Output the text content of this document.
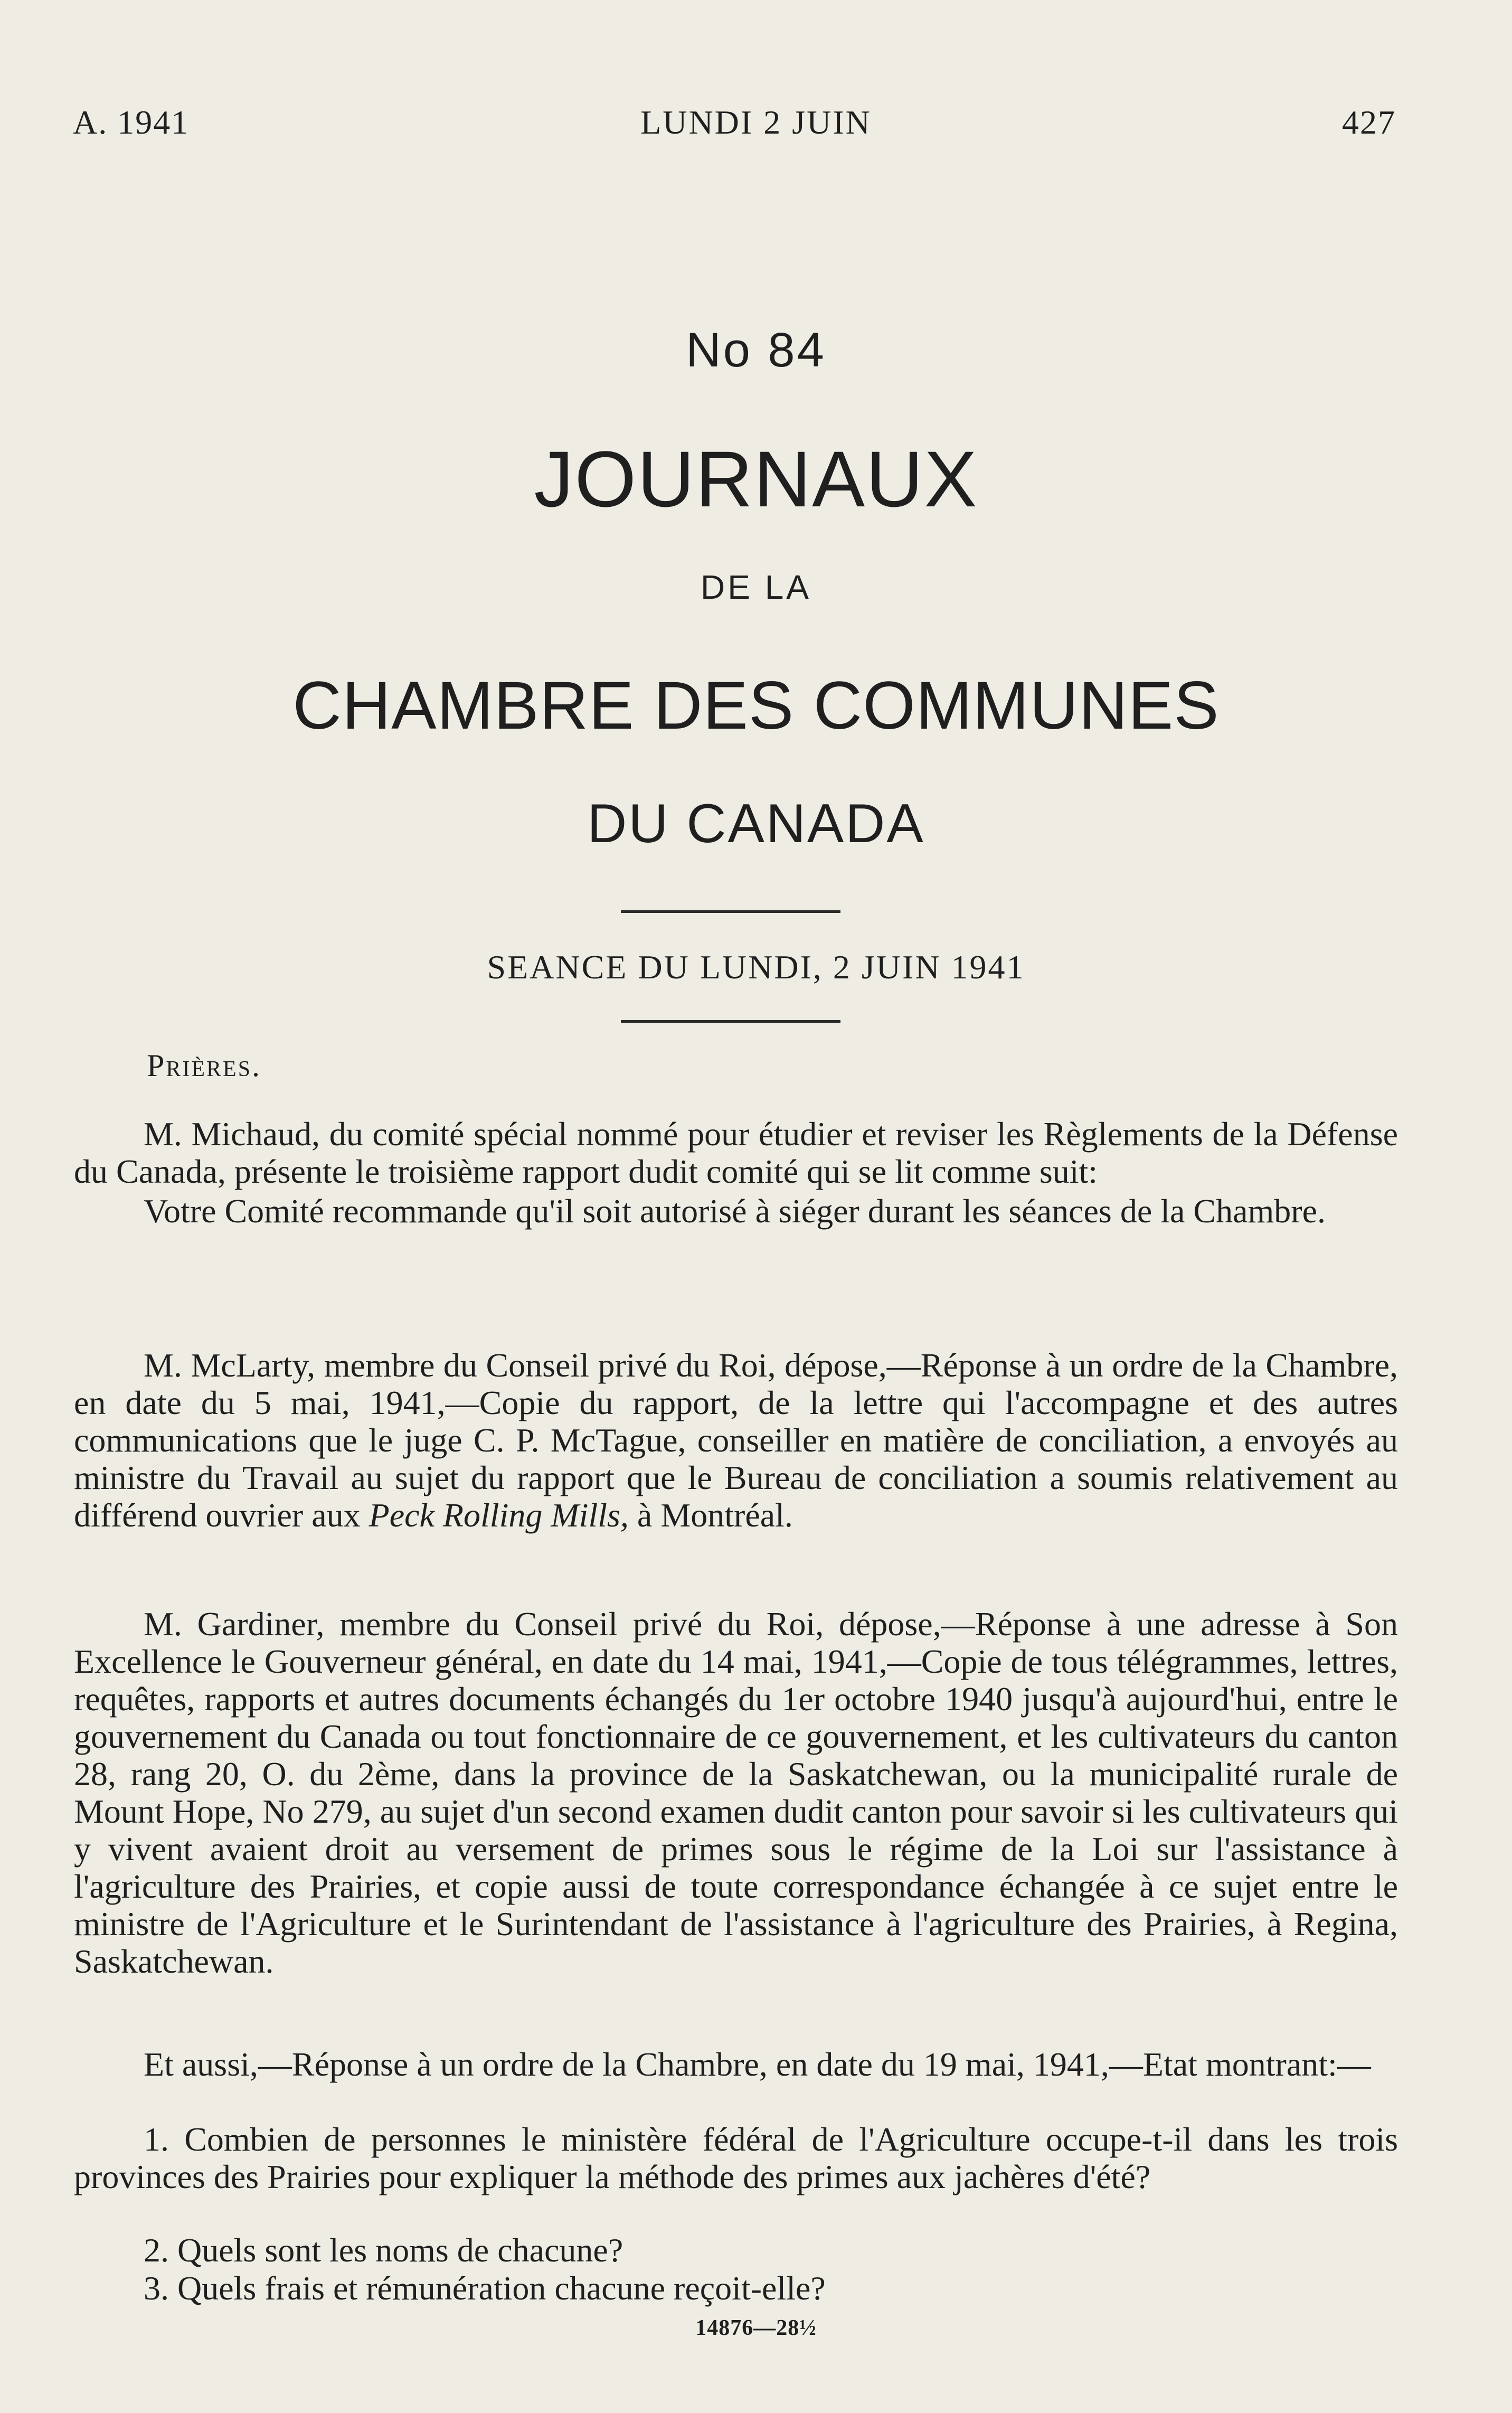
LUNDI 2 JUIN
A. 1941	427
No 84
JOURNAUX
DE LA
CHAMBRE DES COMMUNES
DU CANADA
SEANCE DU LUNDI, 2 JUIN 1941
Prières.
M. Michaud, du comité spécial nommé pour étudier et reviser les Règlements de la Défense du Canada, présente le troisième rapport dudit comité qui se lit comme suit:
Votre Comité recommande qu'il soit autorisé à siéger durant les séances de la Chambre.
M. McLarty, membre du Conseil privé du Roi, dépose,—Réponse à un ordre de la Chambre, en date du 5 mai, 1941,—Copie du rapport, de la lettre qui l'accompagne et des autres communications que le juge C. P. McTague, conseiller en matière de conciliation, a envoyés au ministre du Travail au sujet du rapport que le Bureau de conciliation a soumis relativement au différend ouvrier aux Peck Rolling Mills, à Montréal.
M. Gardiner, membre du Conseil privé du Roi, dépose,—Réponse à une adresse à Son Excellence le Gouverneur général, en date du 14 mai, 1941,—Copie de tous télégrammes, lettres, requêtes, rapports et autres documents échangés du 1er octobre 1940 jusqu'à aujourd'hui, entre le gouvernement du Canada ou tout fonctionnaire de ce gouvernement, et les cultivateurs du canton 28, rang 20, O. du 2ème, dans la province de la Saskatchewan, ou la municipalité rurale de Mount Hope, No 279, au sujet d'un second examen dudit canton pour savoir si les cultivateurs qui y vivent avaient droit au versement de primes sous le régime de la Loi sur l'assistance à l'agriculture des Prairies, et copie aussi de toute correspondance échangée à ce sujet entre le ministre de l'Agriculture et le Surintendant de l'assistance à l'agriculture des Prairies, à Regina, Saskatchewan.
Et aussi,—Réponse à un ordre de la Chambre, en date du 19 mai, 1941,—Etat montrant:—
1. Combien de personnes le ministère fédéral de l'Agriculture occupe-t-il dans les trois provinces des Prairies pour expliquer la méthode des primes aux jachères d'été?
2. Quels sont les noms de chacune?
3. Quels frais et rémunération chacune reçoit-elle?
14876—28½
